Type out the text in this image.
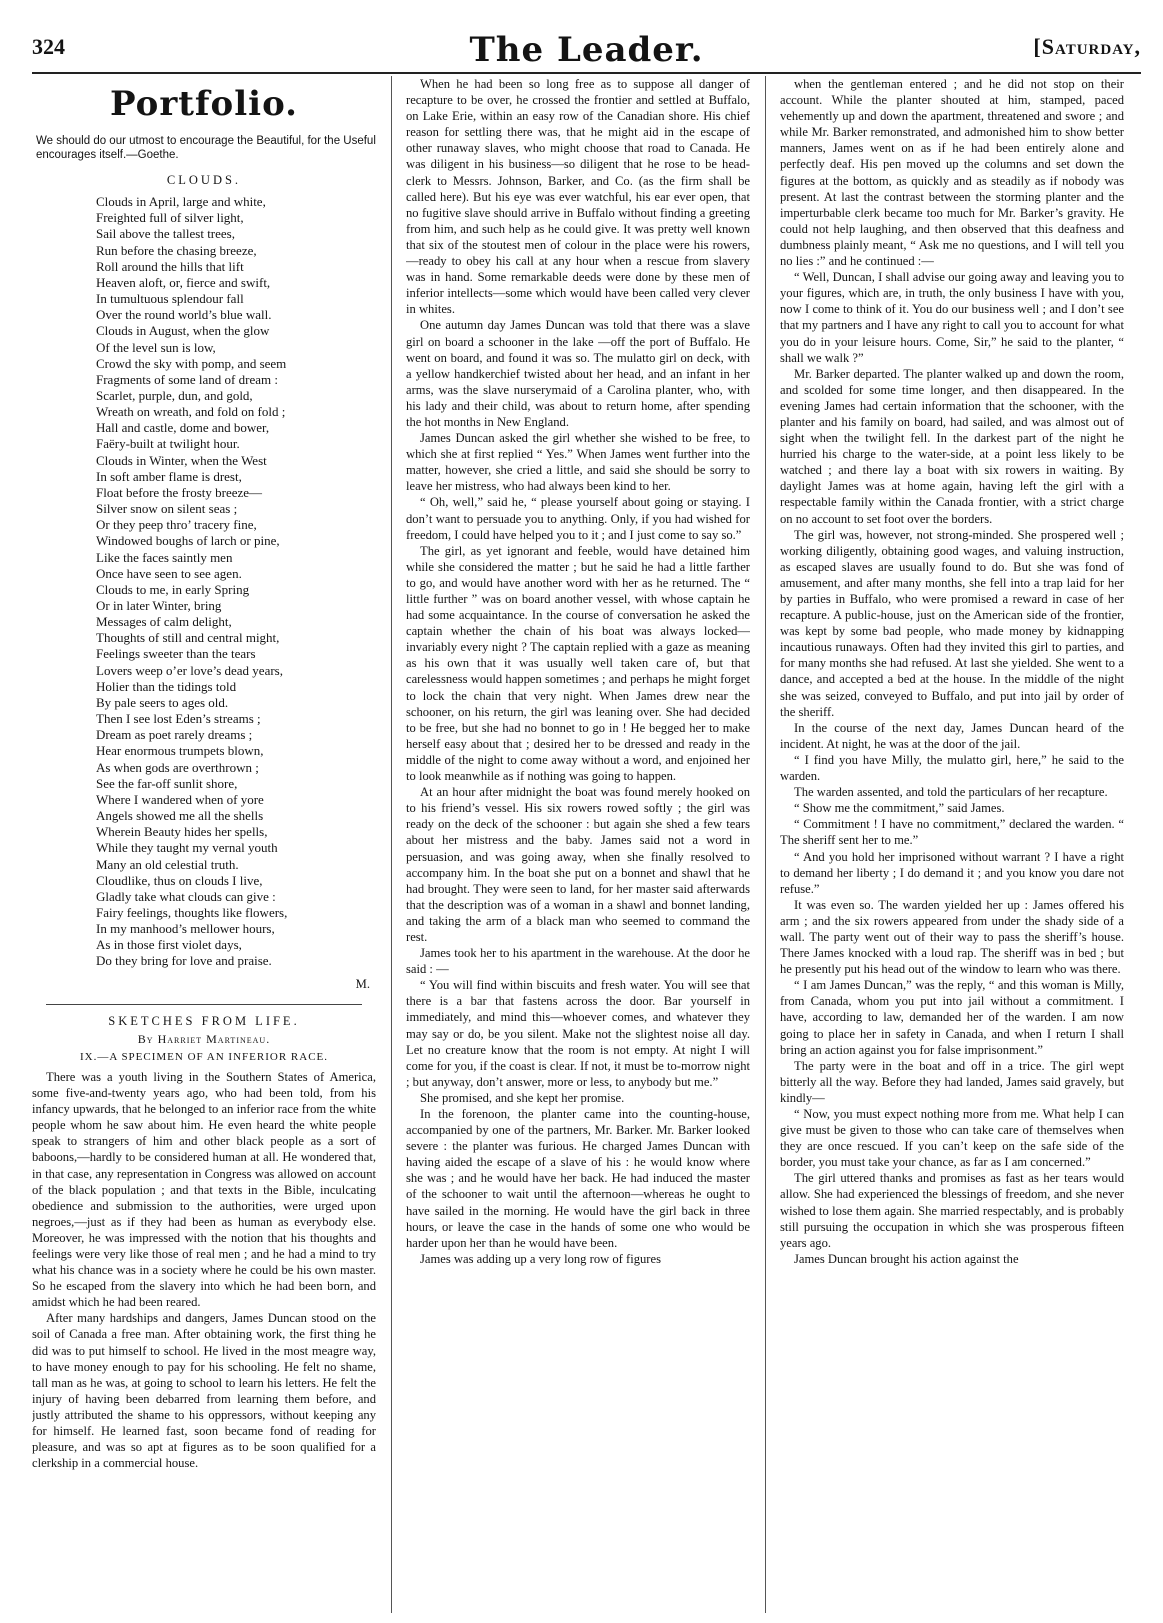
324	The Leader.	[Saturday,
Portfolio.

We should do our utmost to encourage the Beautiful, for the Useful encourages itself.—Goethe.

CLOUDS.
Clouds in April, large and white,
Freighted full of silver light,
Sail above the tallest trees,
Run before the chasing breeze,
Roll around the hills that lift
Heaven aloft, or, fierce and swift,
In tumultuous splendour fall
Over the round world’s blue wall.
Clouds in August, when the glow
Of the level sun is low,
Crowd the sky with pomp, and seem
Fragments of some land of dream :
Scarlet, purple, dun, and gold,
Wreath on wreath, and fold on fold ;
Hall and castle, dome and bower,
Faëry-built at twilight hour.
Clouds in Winter, when the West
In soft amber flame is drest,
Float before the frosty breeze—
Silver snow on silent seas ;
Or they peep thro’ tracery fine,
Windowed boughs of larch or pine,
Like the faces saintly men
Once have seen to see agen.
Clouds to me, in early Spring
Or in later Winter, bring
Messages of calm delight,
Thoughts of still and central might,
Feelings sweeter than the tears
Lovers weep o’er love’s dead years,
Holier than the tidings told
By pale seers to ages old.
Then I see lost Eden’s streams ;
Dream as poet rarely dreams ;
Hear enormous trumpets blown,
As when gods are overthrown ;
See the far-off sunlit shore,
Where I wandered when of yore
Angels showed me all the shells
Wherein Beauty hides her spells,
While they taught my vernal youth
Many an old celestial truth.
Cloudlike, thus on clouds I live,
Gladly take what clouds can give :
Fairy feelings, thoughts like flowers,
In my manhood’s mellower hours,
As in those first violet days,
Do they bring for love and praise.
M.
SKETCHES FROM LIFE.
By Harriet Martineau.
IX.—A SPECIMEN OF AN INFERIOR RACE.

There was a youth living in the Southern States of America, some five-and-twenty years ago, who had been told, from his infancy upwards, that he belonged to an inferior race from the white people whom he saw about him. He even heard the white people speak to strangers of him and other black people as a sort of baboons,—hardly to be considered human at all. He wondered that, in that case, any representation in Congress was allowed on account of the black population ; and that texts in the Bible, inculcating obedience and submission to the authorities, were urged upon negroes,—just as if they had been as human as everybody else. Moreover, he was impressed with the notion that his thoughts and feelings were very like those of real men ; and he had a mind to try what his chance was in a society where he could be his own master. So he escaped from the slavery into which he had been born, and amidst which he had been reared.

After many hardships and dangers, James Duncan stood on the soil of Canada a free man. After obtaining work, the first thing he did was to put himself to school. He lived in the most meagre way, to have money enough to pay for his schooling. He felt no shame, tall man as he was, at going to school to learn his letters. He felt the injury of having been debarred from learning them before, and justly attributed the shame to his oppressors, without keeping any for himself. He learned fast, soon became fond of reading for pleasure, and was so apt at figures as to be soon qualified for a clerkship in a commercial house.

When he had been so long free as to suppose all danger of recapture to be over, he crossed the frontier and settled at Buffalo, on Lake Erie, within an easy row of the Canadian shore. His chief reason for settling there was, that he might aid in the escape of other runaway slaves, who might choose that road to Canada. He was diligent in his business—so diligent that he rose to be head-clerk to Messrs. Johnson, Barker, and Co. (as the firm shall be called here). But his eye was ever watchful, his ear ever open, that no fugitive slave should arrive in Buffalo without finding a greeting from him, and such help as he could give. It was pretty well known that six of the stoutest men of colour in the place were his rowers,—ready to obey his call at any hour when a rescue from slavery was in hand. Some remarkable deeds were done by these men of inferior intellects—some which would have been called very clever in whites.

One autumn day James Duncan was told that there was a slave girl on board a schooner in the lake —off the port of Buffalo. He went on board, and found it was so. The mulatto girl on deck, with a yellow handkerchief twisted about her head, and an infant in her arms, was the slave nurserymaid of a Carolina planter, who, with his lady and their child, was about to return home, after spending the hot months in New England.

James Duncan asked the girl whether she wished to be free, to which she at first replied “ Yes.” When James went further into the matter, however, she cried a little, and said she should be sorry to leave her mistress, who had always been kind to her.

“ Oh, well,” said he, “ please yourself about going or staying. I don’t want to persuade you to anything. Only, if you had wished for freedom, I could have helped you to it ; and I just come to say so.”

The girl, as yet ignorant and feeble, would have detained him while she considered the matter ; but he said he had a little farther to go, and would have another word with her as he returned. The “ little further ” was on board another vessel, with whose captain he had some acquaintance. In the course of conversation he asked the captain whether the chain of his boat was always locked—invariably every night ? The captain replied with a gaze as meaning as his own that it was usually well taken care of, but that carelessness would happen sometimes ; and perhaps he might forget to lock the chain that very night. When James drew near the schooner, on his return, the girl was leaning over. She had decided to be free, but she had no bonnet to go in ! He begged her to make herself easy about that ; desired her to be dressed and ready in the middle of the night to come away without a word, and enjoined her to look meanwhile as if nothing was going to happen.

At an hour after midnight the boat was found merely hooked on to his friend’s vessel. His six rowers rowed softly ; the girl was ready on the deck of the schooner : but again she shed a few tears about her mistress and the baby. James said not a word in persuasion, and was going away, when she finally resolved to accompany him. In the boat she put on a bonnet and shawl that he had brought. They were seen to land, for her master said afterwards that the description was of a woman in a shawl and bonnet landing, and taking the arm of a black man who seemed to command the rest.

James took her to his apartment in the warehouse. At the door he said : —

“ You will find within biscuits and fresh water. You will see that there is a bar that fastens across the door. Bar yourself in immediately, and mind this—whoever comes, and whatever they may say or do, be you silent. Make not the slightest noise all day. Let no creature know that the room is not empty. At night I will come for you, if the coast is clear. If not, it must be to-morrow night ; but anyway, don’t answer, more or less, to anybody but me.”

She promised, and she kept her promise.

In the forenoon, the planter came into the counting-house, accompanied by one of the partners, Mr. Barker. Mr. Barker looked severe : the planter was furious. He charged James Duncan with having aided the escape of a slave of his : he would know where she was ; and he would have her back. He had induced the master of the schooner to wait until the afternoon—whereas he ought to have sailed in the morning. He would have the girl back in three hours, or leave the case in the hands of some one who would be harder upon her than he would have been.

James was adding up a very long row of figures

when the gentleman entered ; and he did not stop on their account. While the planter shouted at him, stamped, paced vehemently up and down the apartment, threatened and swore ; and while Mr. Barker remonstrated, and admonished him to show better manners, James went on as if he had been entirely alone and perfectly deaf. His pen moved up the columns and set down the figures at the bottom, as quickly and as steadily as if nobody was present. At last the contrast between the storming planter and the imperturbable clerk became too much for Mr. Barker’s gravity. He could not help laughing, and then observed that this deafness and dumbness plainly meant, “ Ask me no questions, and I will tell you no lies :” and he continued :—

“ Well, Duncan, I shall advise our going away and leaving you to your figures, which are, in truth, the only business I have with you, now I come to think of it. You do our business well ; and I don’t see that my partners and I have any right to call you to account for what you do in your leisure hours. Come, Sir,” he said to the planter, “ shall we walk ?”

Mr. Barker departed. The planter walked up and down the room, and scolded for some time longer, and then disappeared. In the evening James had certain information that the schooner, with the planter and his family on board, had sailed, and was almost out of sight when the twilight fell. In the darkest part of the night he hurried his charge to the water-side, at a point less likely to be watched ; and there lay a boat with six rowers in waiting. By daylight James was at home again, having left the girl with a respectable family within the Canada frontier, with a strict charge on no account to set foot over the borders.

The girl was, however, not strong-minded. She prospered well ; working diligently, obtaining good wages, and valuing instruction, as escaped slaves are usually found to do. But she was fond of amusement, and after many months, she fell into a trap laid for her by parties in Buffalo, who were promised a reward in case of her recapture. A public-house, just on the American side of the frontier, was kept by some bad people, who made money by kidnapping incautious runaways. Often had they invited this girl to parties, and for many months she had refused. At last she yielded. She went to a dance, and accepted a bed at the house. In the middle of the night she was seized, conveyed to Buffalo, and put into jail by order of the sheriff.

In the course of the next day, James Duncan heard of the incident. At night, he was at the door of the jail.

“ I find you have Milly, the mulatto girl, here,” he said to the warden.

The warden assented, and told the particulars of her recapture.

“ Show me the commitment,” said James.

“ Commitment ! I have no commitment,” declared the warden. “ The sheriff sent her to me.”

“ And you hold her imprisoned without warrant ? I have a right to demand her liberty ; I do demand it ; and you know you dare not refuse.”

It was even so. The warden yielded her up : James offered his arm ; and the six rowers appeared from under the shady side of a wall. The party went out of their way to pass the sheriff’s house. There James knocked with a loud rap. The sheriff was in bed ; but he presently put his head out of the window to learn who was there.

“ I am James Duncan,” was the reply, “ and this woman is Milly, from Canada, whom you put into jail without a commitment. I have, according to law, demanded her of the warden. I am now going to place her in safety in Canada, and when I return I shall bring an action against you for false imprisonment.”

The party were in the boat and off in a trice. The girl wept bitterly all the way. Before they had landed, James said gravely, but kindly—

“ Now, you must expect nothing more from me. What help I can give must be given to those who can take care of themselves when they are once rescued. If you can’t keep on the safe side of the border, you must take your chance, as far as I am concerned.”

The girl uttered thanks and promises as fast as her tears would allow. She had experienced the blessings of freedom, and she never wished to lose them again. She married respectably, and is probably still pursuing the occupation in which she was prosperous fifteen years ago.

James Duncan brought his action against the
